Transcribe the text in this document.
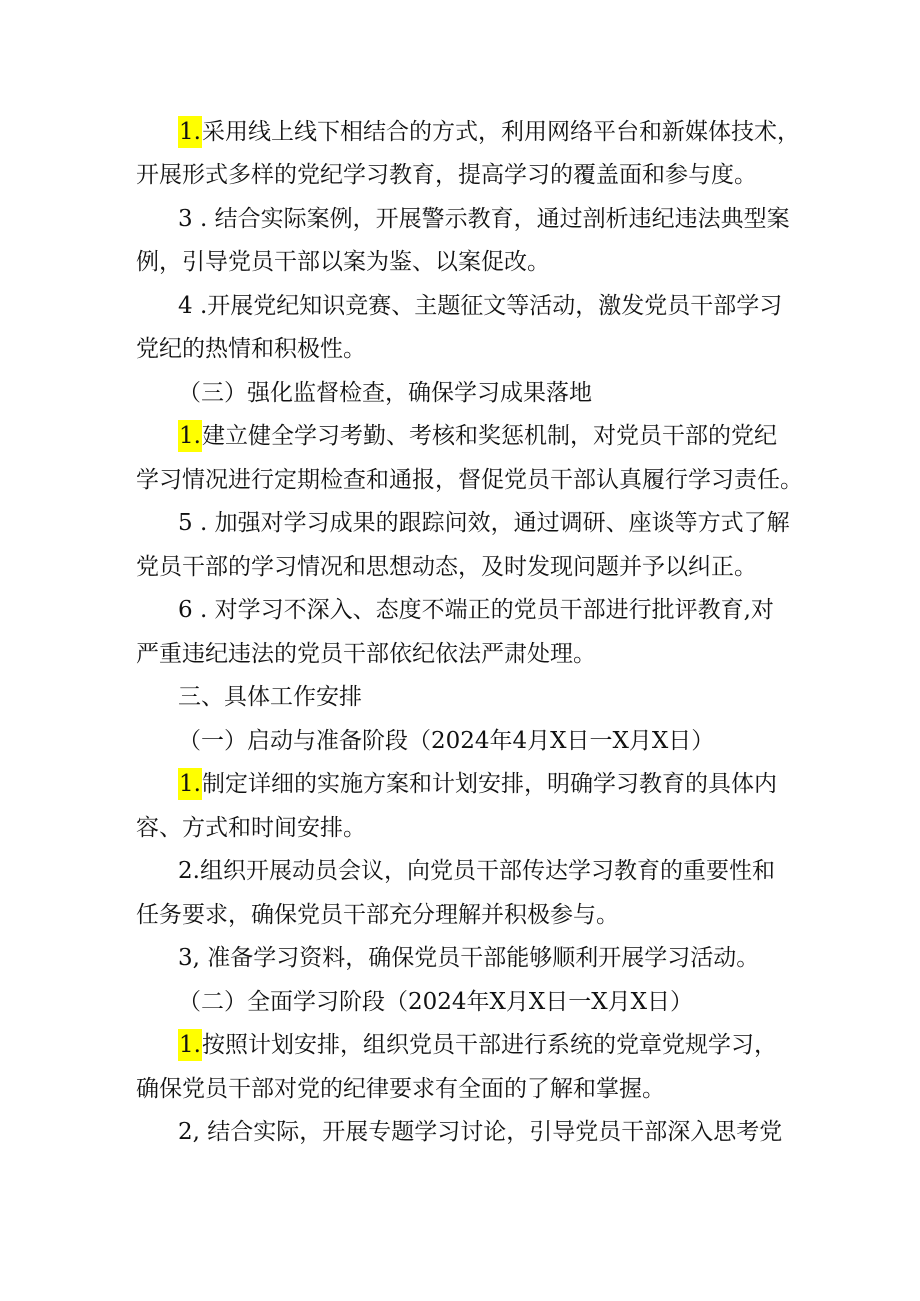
1.采用线上线下相结合的方式，利用网络平台和新媒体技术，
开展形式多样的党纪学习教育，提高学习的覆盖面和参与度。
3 . 结合实际案例，开展警示教育，通过剖析违纪违法典型案
例，引导党员干部以案为鉴、以案促改。
4 .开展党纪知识竞赛、主题征文等活动，激发党员干部学习
党纪的热情和积极性。
（三）强化监督检查，确保学习成果落地
1.建立健全学习考勤、考核和奖惩机制，对党员干部的党纪
学习情况进行定期检查和通报，督促党员干部认真履行学习责任。
5 . 加强对学习成果的跟踪问效，通过调研、座谈等方式了解
党员干部的学习情况和思想动态，及时发现问题并予以纠正。
6 . 对学习不深入、态度不端正的党员干部进行批评教育,对
严重违纪违法的党员干部依纪依法严肃处理。
三、具体工作安排
（一）启动与准备阶段（2024年4月X日一X月X日）
1.制定详细的实施方案和计划安排，明确学习教育的具体内
容、方式和时间安排。
2.组织开展动员会议，向党员干部传达学习教育的重要性和
任务要求，确保党员干部充分理解并积极参与。
3, 准备学习资料，确保党员干部能够顺利开展学习活动。
（二）全面学习阶段（2024年X月X日一X月X日）
1.按照计划安排，组织党员干部进行系统的党章党规学习，
确保党员干部对党的纪律要求有全面的了解和掌握。
2, 结合实际，开展专题学习讨论，引导党员干部深入思考党
